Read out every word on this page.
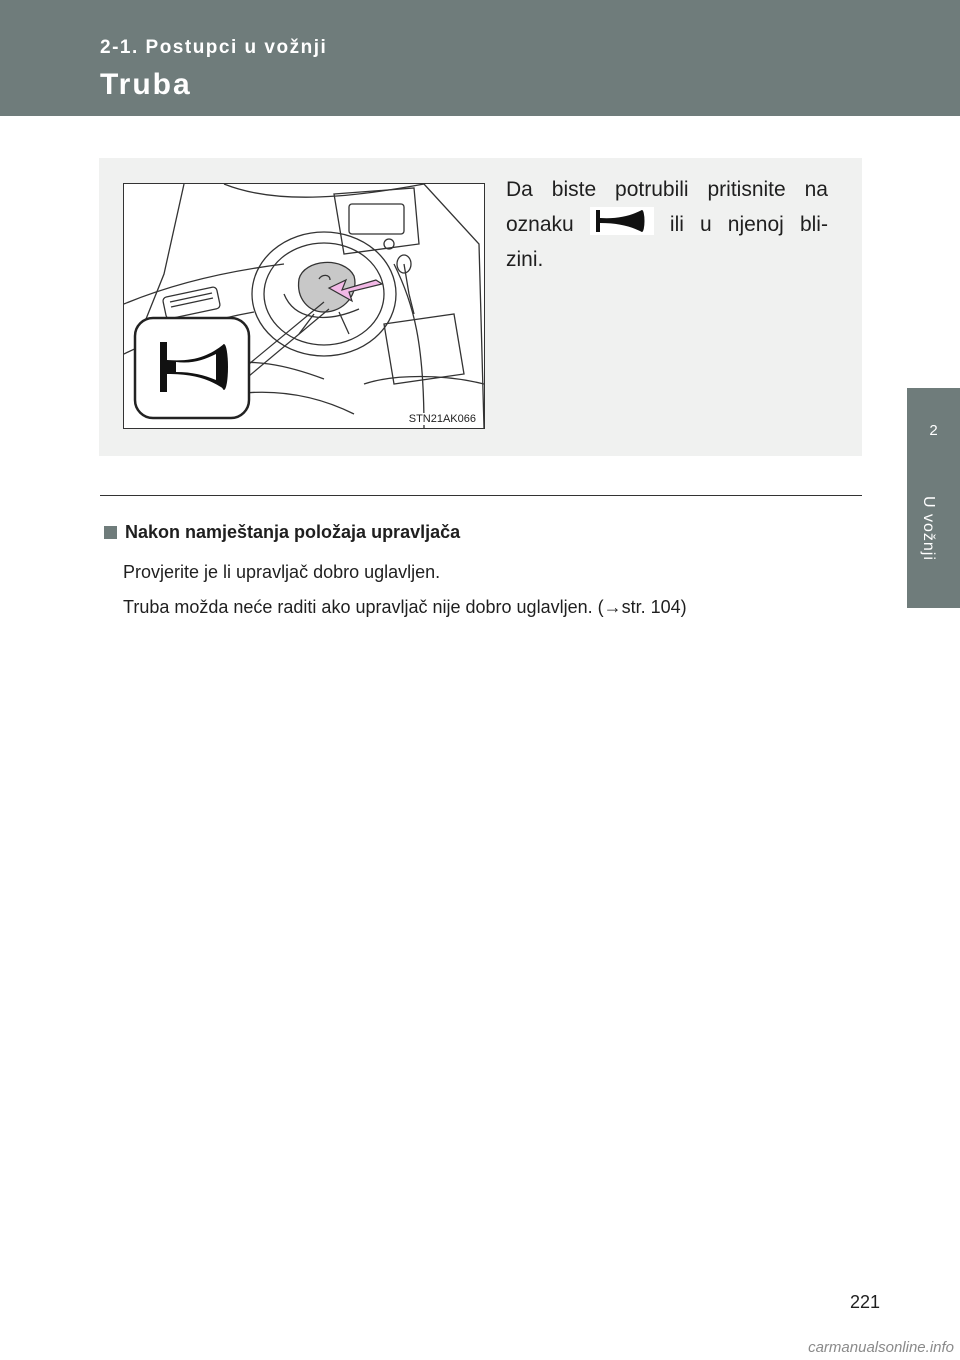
2-1. Postupci u vožnji
Truba
2
U vožnji
STN21AK066
Da biste potrubili pritisnite na
oznaku	ili u njenoj bli-
zini.
Nakon namještanja položaja upravljača
Provjerite je li upravljač dobro uglavljen.
Truba možda neće raditi ako upravljač nije dobro uglavljen. (→str. 104)
221
carmanualsonline.info
